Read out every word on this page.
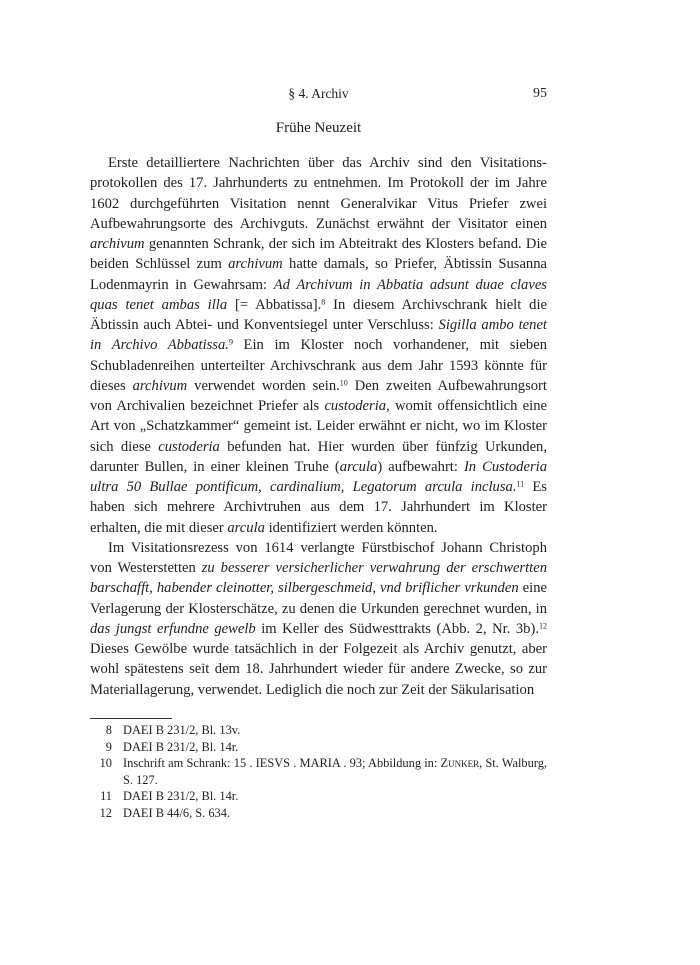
§ 4. Archiv	95
Frühe Neuzeit

Erste detailliertere Nachrichten über das Archiv sind den Visitationsprotokollen des 17. Jahrhunderts zu entnehmen. Im Protokoll der im Jahre 1602 durchgeführten Visitation nennt Generalvikar Vitus Priefer zwei Aufbewahrungsorte des Archivguts. Zunächst erwähnt der Visitator einen archivum genannten Schrank, der sich im Abteitrakt des Klosters befand. Die beiden Schlüssel zum archivum hatte damals, so Priefer, Äbtissin Susanna Lodenmayrin in Gewahrsam: Ad Archivum in Abbatia adsunt duae claves quas tenet ambas illa [= Abbatissa].$^8$ In diesem Archivschrank hielt die Äbtissin auch Abtei- und Konventsiegel unter Verschluss: Sigilla ambo tenet in Archivo Abbatissa.$^9$ Ein im Kloster noch vorhandener, mit sieben Schubladenreihen unterteilter Archivschrank aus dem Jahr 1593 könnte für dieses archivum verwendet worden sein.$^{10}$ Den zweiten Aufbewahrungsort von Archivalien bezeichnet Priefer als custoderia, womit offensichtlich eine Art von „Schatzkammer“ gemeint ist. Leider erwähnt er nicht, wo im Kloster sich diese custoderia befunden hat. Hier wurden über fünfzig Urkunden, darunter Bullen, in einer kleinen Truhe (arcula) aufbewahrt: In Custoderia ultra 50 Bullae pontificum, cardinalium, Legatorum arcula inclusa.$^{11}$ Es haben sich mehrere Archivtruhen aus dem 17. Jahrhundert im Kloster erhalten, die mit dieser arcula identifiziert werden könnten.

Im Visitationsrezess von 1614 verlangte Fürstbischof Johann Christoph von Westerstetten zu besserer versicherlicher verwahrung der erschwertten barschafft, habender cleinotter, silbergeschmeid, vnd briflicher vrkunden eine Verlagerung der Klosterschätze, zu denen die Urkunden gerechnet wurden, in das jungst erfundne gewelb im Keller des Südwesttrakts (Abb. 2, Nr. 3b).$^{12}$ Dieses Gewölbe wurde tatsächlich in der Folgezeit als Archiv genutzt, aber wohl spätestens seit dem 18. Jahrhundert wieder für andere Zwecke, so zur Materiallagerung, verwendet. Lediglich die noch zur Zeit der Säkularisation

8 DAEI B 231/2, Bl. 13v.
9 DAEI B 231/2, Bl. 14r.
10 Inschrift am Schrank: 15 . IESVS . MARIA . 93; Abbildung in: Zunker, St. Walburg, S. 127.
11 DAEI B 231/2, Bl. 14r.
12 DAEI B 44/6, S. 634.
